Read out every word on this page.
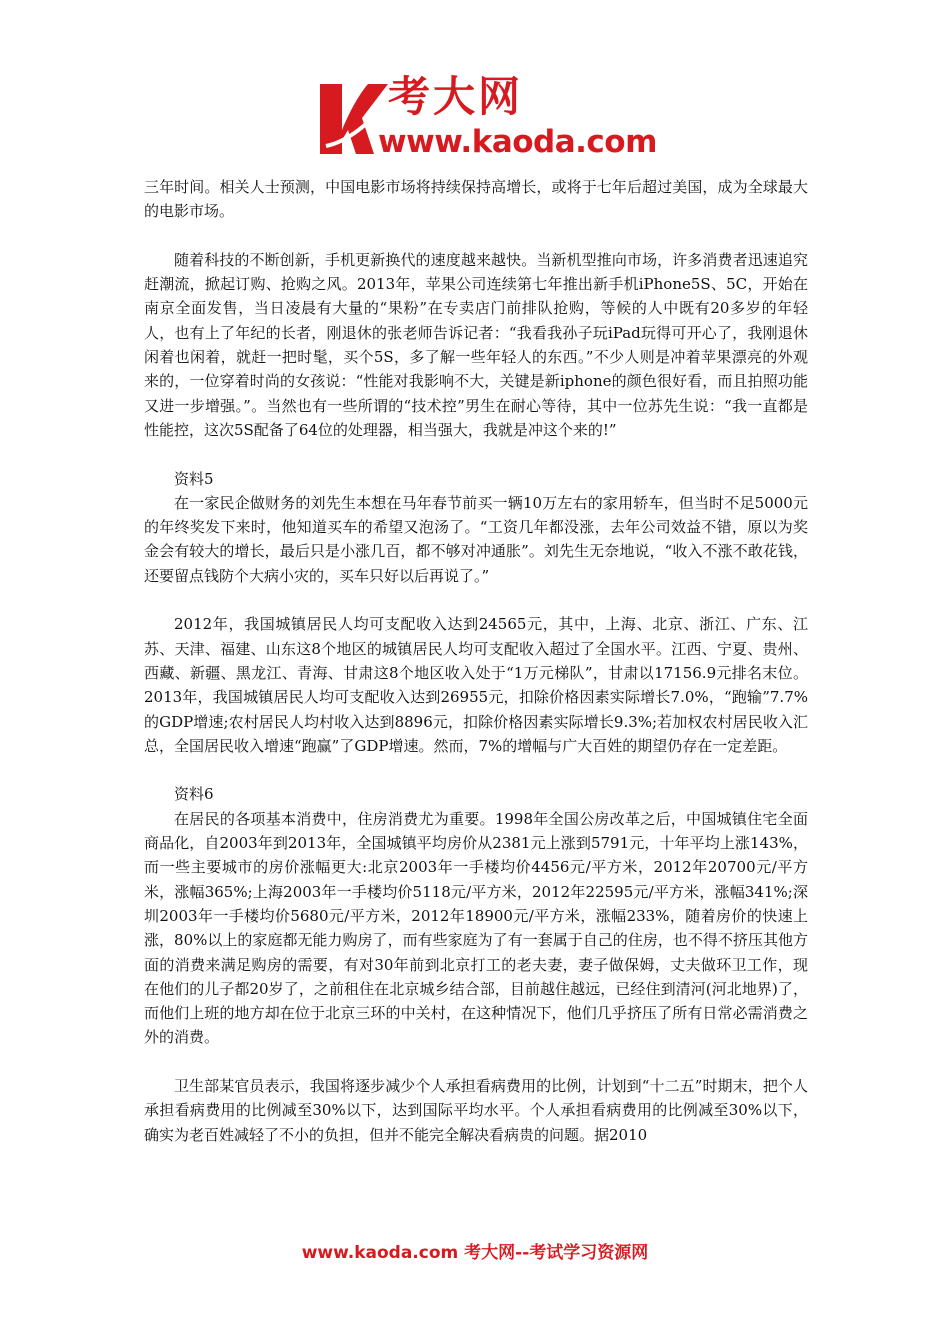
考大网
www.kaoda.com

三年时间。相关人士预测，中国电影市场将持续保持高增长，或将于七年后超过美国，成为全球最大的电影市场。

随着科技的不断创新，手机更新换代的速度越来越快。当新机型推向市场，许多消费者迅速追究赶潮流，掀起订购、抢购之风。2013年，苹果公司连续第七年推出新手机iPhone5S、5C，开始在南京全面发售，当日凌晨有大量的“果粉”在专卖店门前排队抢购，等候的人中既有20多岁的年轻人，也有上了年纪的长者，刚退休的张老师告诉记者：“我看我孙子玩iPad玩得可开心了，我刚退休闲着也闲着，就赶一把时髦，买个5S，多了解一些年轻人的东西。”不少人则是冲着苹果漂亮的外观来的，一位穿着时尚的女孩说：“性能对我影响不大，关键是新iphone的颜色很好看，而且拍照功能又进一步增强。”。当然也有一些所谓的“技术控”男生在耐心等待，其中一位苏先生说：“我一直都是性能控，这次5S配备了64位的处理器，相当强大，我就是冲这个来的!”

资料5

在一家民企做财务的刘先生本想在马年春节前买一辆10万左右的家用轿车，但当时不足5000元的年终奖发下来时，他知道买车的希望又泡汤了。“工资几年都没涨，去年公司效益不错，原以为奖金会有较大的增长，最后只是小涨几百，都不够对冲通胀”。刘先生无奈地说，“收入不涨不敢花钱，还要留点钱防个大病小灾的，买车只好以后再说了。”

2012年，我国城镇居民人均可支配收入达到24565元，其中，上海、北京、浙江、广东、江苏、天津、福建、山东这8个地区的城镇居民人均可支配收入超过了全国水平。江西、宁夏、贵州、西藏、新疆、黑龙江、青海、甘肃这8个地区收入处于“1万元梯队”，甘肃以17156.9元排名末位。2013年，我国城镇居民人均可支配收入达到26955元，扣除价格因素实际增长7.0%，“跑输”7.7%的GDP增速;农村居民人均村收入达到8896元，扣除价格因素实际增长9.3%;若加权农村居民收入汇总，全国居民收入增速“跑赢”了GDP增速。然而，7%的增幅与广大百姓的期望仍存在一定差距。

资料6

在居民的各项基本消费中，住房消费尤为重要。1998年全国公房改革之后，中国城镇住宅全面商品化，自2003年到2013年，全国城镇平均房价从2381元上涨到5791元，十年平均上涨143%，而一些主要城市的房价涨幅更大:北京2003年一手楼均价4456元/平方米，2012年20700元/平方米，涨幅365%;上海2003年一手楼均价5118元/平方米，2012年22595元/平方米，涨幅341%;深圳2003年一手楼均价5680元/平方米，2012年18900元/平方米，涨幅233%，随着房价的快速上涨，80%以上的家庭都无能力购房了，而有些家庭为了有一套属于自己的住房，也不得不挤压其他方面的消费来满足购房的需要，有对30年前到北京打工的老夫妻，妻子做保姆，丈夫做环卫工作，现在他们的儿子都20岁了，之前租住在北京城乡结合部，目前越住越远，已经住到清河(河北地界)了，而他们上班的地方却在位于北京三环的中关村，在这种情况下，他们几乎挤压了所有日常必需消费之外的消费。

卫生部某官员表示，我国将逐步减少个人承担看病费用的比例，计划到“十二五”时期末，把个人承担看病费用的比例减至30%以下，达到国际平均水平。个人承担看病费用的比例减至30%以下，确实为老百姓减轻了不小的负担，但并不能完全解决看病贵的问题。据2010

www.kaoda.com 考大网--考试学习资源网
